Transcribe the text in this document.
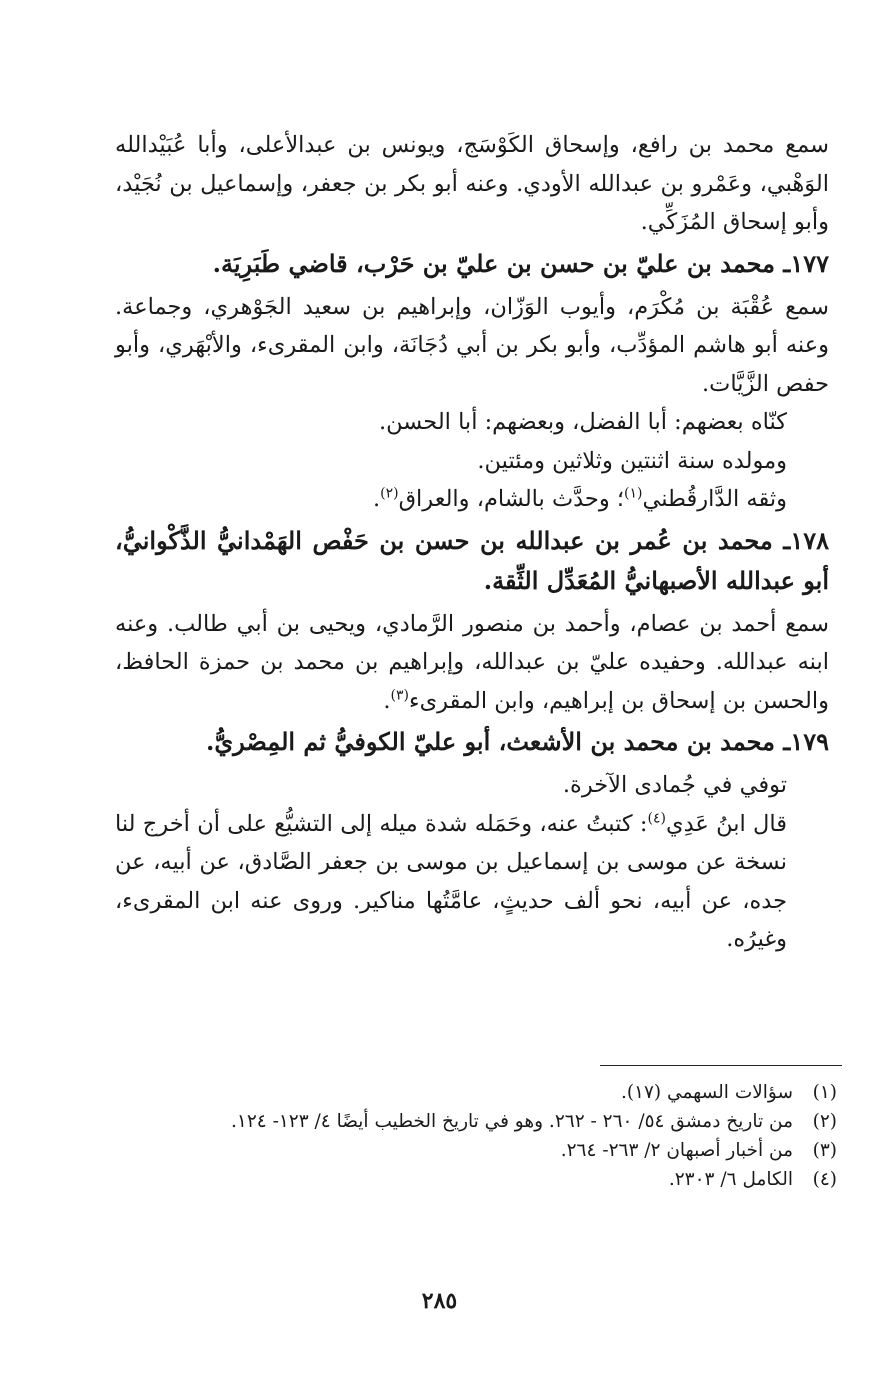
سمع محمد بن رافع، وإسحاق الكَوْسَج، ويونس بن عبدالأعلى، وأبا عُبَيْدالله الوَهْبي، وعَمْرو بن عبدالله الأودي. وعنه أبو بكر بن جعفر، وإسماعيل بن نُجَيْد، وأبو إسحاق المُزَكِّي.

١٧٧ـ محمد بن عليّ بن حسن بن عليّ بن حَرْب، قاضي طَبَرِيَة.

سمع عُقْبَة بن مُكْرَم، وأيوب الوَزّان، وإبراهيم بن سعيد الجَوْهري، وجماعة. وعنه أبو هاشم المؤدِّب، وأبو بكر بن أبي دُجَانَة، وابن المقرىء، والأبْهَري، وأبو حفص الزَّيَّات.

كنّاه بعضهم: أبا الفضل، وبعضهم: أبا الحسن.

ومولده سنة اثنتين وثلاثين ومئتين.

وثقه الدَّارقُطني$^{(١)}$؛ وحدَّث بالشام، والعراق$^{(٢)}$.

١٧٨ـ محمد بن عُمر بن عبدالله بن حسن بن حَفْص الهَمْدانيُّ الذَّكْوانيُّ، أبو عبدالله الأصبهانيُّ المُعَدِّل الثِّقة.

سمع أحمد بن عصام، وأحمد بن منصور الرَّمادي، ويحيى بن أبي طالب. وعنه ابنه عبدالله. وحفيده عليّ بن عبدالله، وإبراهيم بن محمد بن حمزة الحافظ، والحسن بن إسحاق بن إبراهيم، وابن المقرىء$^{(٣)}$.

١٧٩ـ محمد بن محمد بن الأشعث، أبو عليّ الكوفيُّ ثم المِصْريُّ.

توفي في جُمادى الآخرة.

قال ابنُ عَدِي$^{(٤)}$: كتبتُ عنه، وحَمَله شدة ميله إلى التشيُّع على أن أخرج لنا نسخة عن موسى بن إسماعيل بن موسى بن جعفر الصَّادق، عن أبيه، عن جده، عن أبيه، نحو ألف حديثٍ، عامَّتُها مناكير. وروى عنه ابن المقرىء، وغيرُه.

(١)سؤالات السهمي (١٧).
(٢)من تاريخ دمشق ٥٤/ ٢٦٠ - ٢٦٢. وهو في تاريخ الخطيب أيضًا ٤/ ١٢٣- ١٢٤.
(٣)من أخبار أصبهان ٢/ ٢٦٣- ٢٦٤.
(٤)الكامل ٦/ ٢٣٠٣.
٢٨٥
